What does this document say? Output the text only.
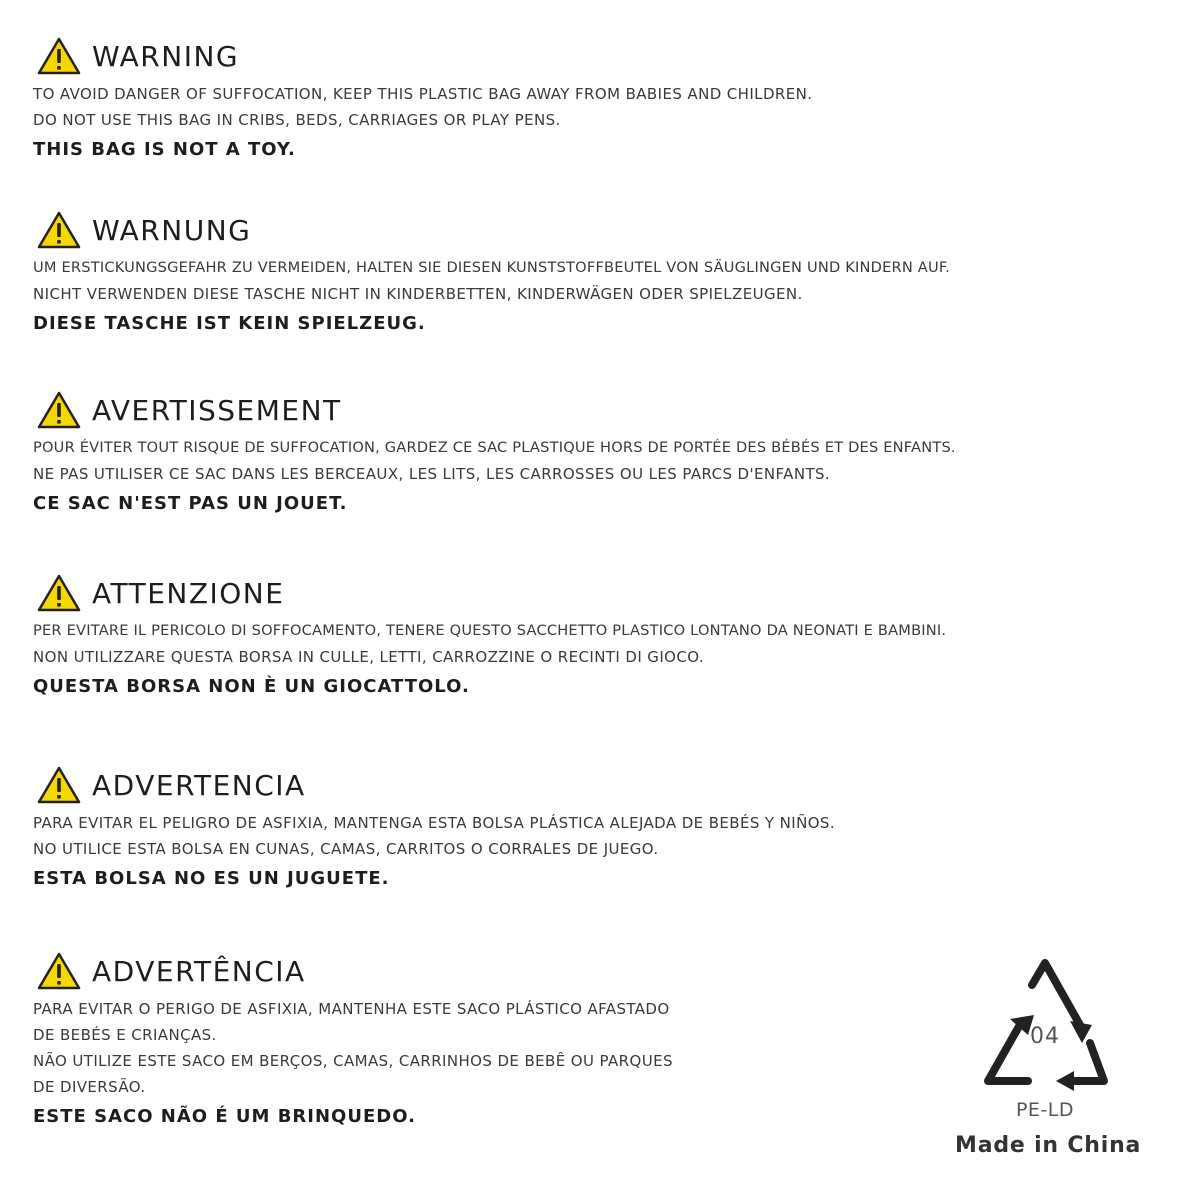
WARNING
TO AVOID DANGER OF SUFFOCATION, KEEP THIS PLASTIC BAG AWAY FROM BABIES AND CHILDREN.
DO NOT USE THIS BAG IN CRIBS, BEDS, CARRIAGES OR PLAY PENS.
THIS BAG IS NOT A TOY.
WARNUNG
UM ERSTICKUNGSGEFAHR ZU VERMEIDEN, HALTEN SIE DIESEN KUNSTSTOFFBEUTEL VON SÄUGLINGEN UND KINDERN AUF.
NICHT VERWENDEN DIESE TASCHE NICHT IN KINDERBETTEN, KINDERWÄGEN ODER SPIELZEUGEN.
DIESE TASCHE IST KEIN SPIELZEUG.
AVERTISSEMENT
POUR ÉVITER TOUT RISQUE DE SUFFOCATION, GARDEZ CE SAC PLASTIQUE HORS DE PORTÉE DES BÉBÉS ET DES ENFANTS.
NE PAS UTILISER CE SAC DANS LES BERCEAUX, LES LITS, LES CARROSSES OU LES PARCS D'ENFANTS.
CE SAC N'EST PAS UN JOUET.
ATTENZIONE
PER EVITARE IL PERICOLO DI SOFFOCAMENTO, TENERE QUESTO SACCHETTO PLASTICO LONTANO DA NEONATI E BAMBINI.
NON UTILIZZARE QUESTA BORSA IN CULLE, LETTI, CARROZZINE O RECINTI DI GIOCO.
QUESTA BORSA NON È UN GIOCATTOLO.
ADVERTENCIA
PARA EVITAR EL PELIGRO DE ASFIXIA, MANTENGA ESTA BOLSA PLÁSTICA ALEJADA DE BEBÉS Y NIÑOS.
NO UTILICE ESTA BOLSA EN CUNAS, CAMAS, CARRITOS O CORRALES DE JUEGO.
ESTA BOLSA NO ES UN JUGUETE.
ADVERTÊNCIA
PARA EVITAR O PERIGO DE ASFIXIA, MANTENHA ESTE SACO PLÁSTICO AFASTADO
DE BEBÉS E CRIANÇAS.
NÃO UTILIZE ESTE SACO EM BERÇOS, CAMAS, CARRINHOS DE BEBÊ OU PARQUES
DE DIVERSÃO.
ESTE SACO NÃO É UM BRINQUEDO.
04
PE-LD
Made in China
